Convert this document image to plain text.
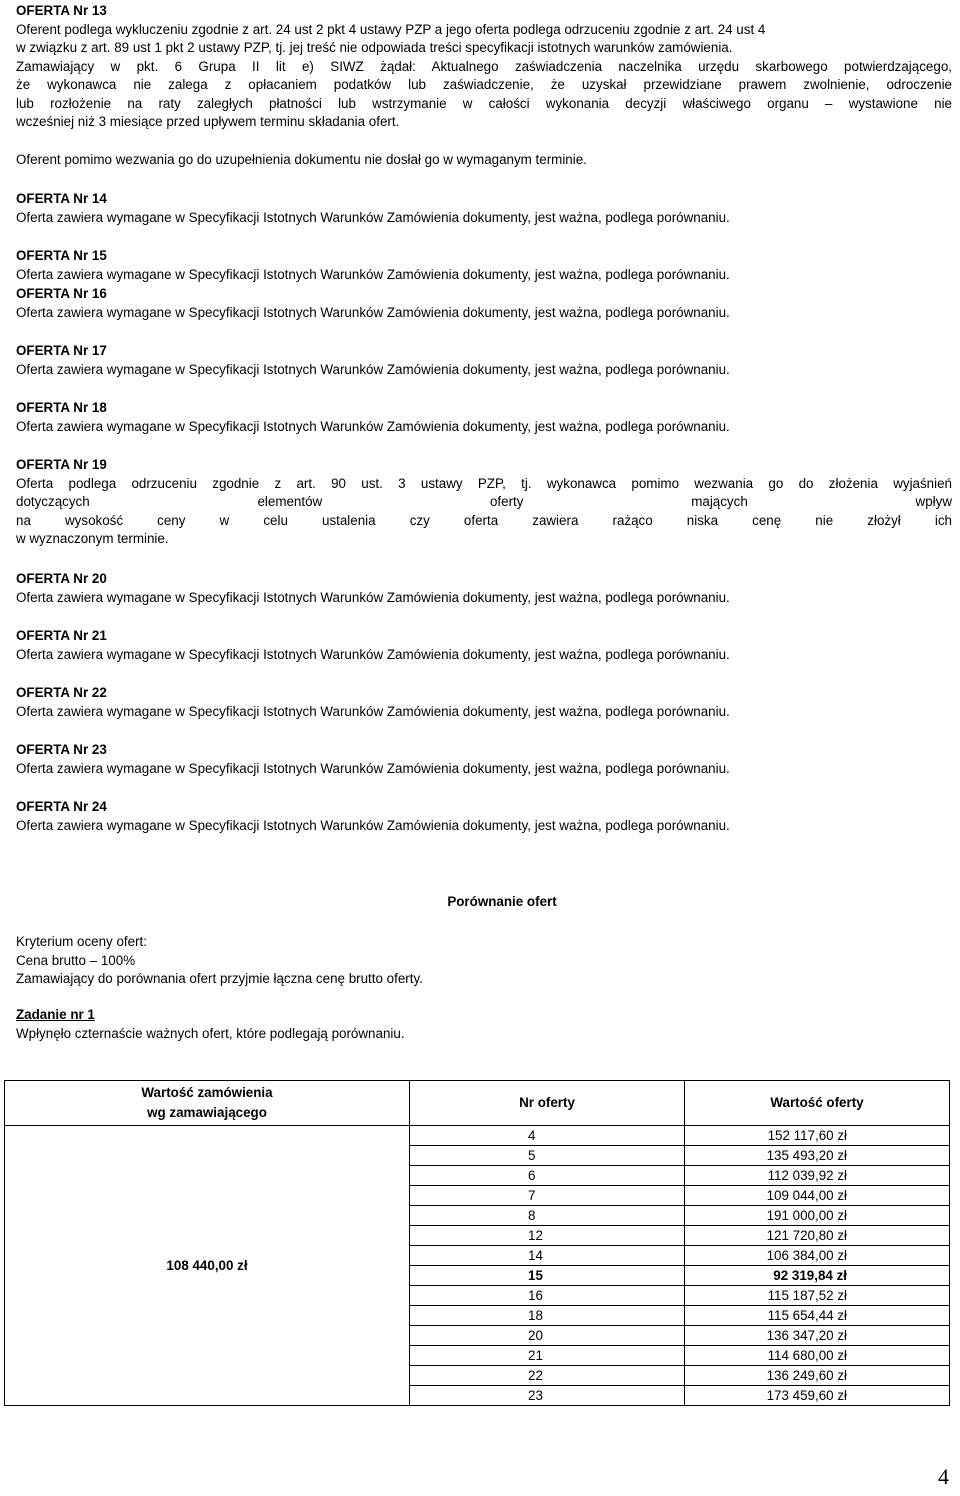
OFERTA Nr 13

Oferent podlega wykluczeniu zgodnie z art. 24 ust 2 pkt 4 ustawy PZP a jego oferta podlega odrzuceniu zgodnie z art. 24 ust 4

w związku z art. 89 ust 1 pkt 2 ustawy PZP, tj. jej treść nie odpowiada treści specyfikacji istotnych warunków zamówienia.

Zamawiający w pkt. 6 Grupa II lit e) SIWZ żądał: Aktualnego zaświadczenia naczelnika urzędu skarbowego potwierdzającego,

że wykonawca nie zalega z opłacaniem podatków lub zaświadczenie, że uzyskał przewidziane prawem zwolnienie, odroczenie

lub rozłożenie na raty zaległych płatności lub wstrzymanie w całości wykonania decyzji właściwego organu – wystawione nie

wcześniej niż 3 miesiące przed upływem terminu składania ofert.

Oferent pomimo wezwania go do uzupełnienia dokumentu nie dosłał go w wymaganym terminie.

OFERTA Nr 14

Oferta zawiera wymagane w Specyfikacji Istotnych Warunków Zamówienia dokumenty, jest ważna, podlega porównaniu.

OFERTA Nr 15

Oferta zawiera wymagane w Specyfikacji Istotnych Warunków Zamówienia dokumenty, jest ważna, podlega porównaniu.

OFERTA Nr 16

Oferta zawiera wymagane w Specyfikacji Istotnych Warunków Zamówienia dokumenty, jest ważna, podlega porównaniu.

OFERTA Nr 17

Oferta zawiera wymagane w Specyfikacji Istotnych Warunków Zamówienia dokumenty, jest ważna, podlega porównaniu.

OFERTA Nr 18

Oferta zawiera wymagane w Specyfikacji Istotnych Warunków Zamówienia dokumenty, jest ważna, podlega porównaniu.

OFERTA Nr 19

Oferta podlega odrzuceniu zgodnie z art. 90 ust. 3 ustawy PZP, tj. wykonawca pomimo wezwania go do złożenia wyjaśnień

dotyczących elementów oferty mających wpływ

na wysokość ceny w celu ustalenia czy oferta zawiera rażąco niska cenę nie złożył ich

w wyznaczonym terminie.

OFERTA Nr 20

Oferta zawiera wymagane w Specyfikacji Istotnych Warunków Zamówienia dokumenty, jest ważna, podlega porównaniu.

OFERTA Nr 21

Oferta zawiera wymagane w Specyfikacji Istotnych Warunków Zamówienia dokumenty, jest ważna, podlega porównaniu.

OFERTA Nr 22

Oferta zawiera wymagane w Specyfikacji Istotnych Warunków Zamówienia dokumenty, jest ważna, podlega porównaniu.

OFERTA Nr 23

Oferta zawiera wymagane w Specyfikacji Istotnych Warunków Zamówienia dokumenty, jest ważna, podlega porównaniu.

OFERTA Nr 24

Oferta zawiera wymagane w Specyfikacji Istotnych Warunków Zamówienia dokumenty, jest ważna, podlega porównaniu.

Porównanie ofert

Kryterium oceny ofert:

Cena brutto – 100%

Zamawiający do porównania ofert przyjmie łączna cenę brutto oferty.

Zadanie nr 1

Wpłynęło czternaście ważnych ofert, które podlegają porównaniu.

Wartość zamówienia
wg zamawiającego	Nr oferty	Wartość oferty
108 440,00 zł	4	152 117,60 zł
	5	135 493,20 zł
	6	112 039,92 zł
	7	109 044,00 zł
	8	191 000,00 zł
	12	121 720,80 zł
	14	106 384,00 zł
	15	92 319,84 zł
	16	115 187,52 zł
	18	115 654,44 zł
	20	136 347,20 zł
	21	114 680,00 zł
	22	136 249,60 zł
	23	173 459,60 zł
4
